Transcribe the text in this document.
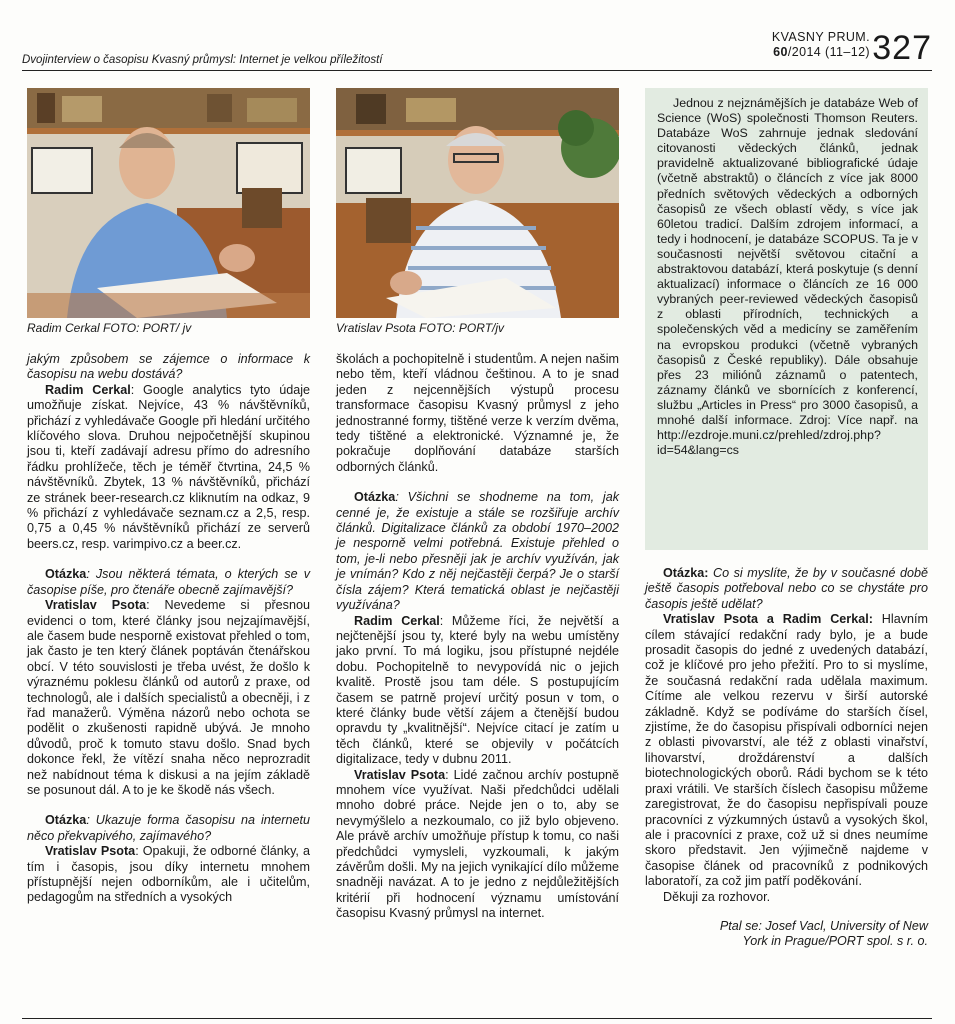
Dvojinterview o časopisu Kvasný průmysl: Internet je velkou příležitostí
KVASNY PRUM.
60/2014 (11–12) 327
Radim Cerkal FOTO: PORT/ jv	Vratislav Psota FOTO: PORT/jv

jakým způsobem se zájemce o informace k časopisu na webu dostává?

Radim Cerkal: Google analytics tyto údaje umožňuje získat. Nejvíce, 43 % návštěvníků, přichází z vyhledávače Google při hledání určitého klíčového slova. Druhou nejpočetnější skupinou jsou ti, kteří zadávají adresu přímo do adresního řádku prohlížeče, těch je téměř čtvrtina, 24,5 % návštěvníků. Zbytek, 13 % návštěvníků, přichází ze stránek beer-research.cz kliknutím na odkaz, 9 % přichází z vyhledávače seznam.cz a 2,5, resp. 0,75 a 0,45 % návštěvníků přichází ze serverů beers.cz, resp. varimpivo.cz a beer.cz.

Otázka: Jsou některá témata, o kterých se v časopise píše, pro čtenáře obecně zajímavější?

Vratislav Psota: Nevedeme si přesnou evidenci o tom, které články jsou nejzajímavější, ale časem bude nesporně existovat přehled o tom, jak často je ten který článek poptáván čtenářskou obcí. V této souvislosti je třeba uvést, že došlo k výraznému poklesu článků od autorů z praxe, od technologů, ale i dalších specialistů a obecněji, i z řad manažerů. Výměna názorů nebo ochota se podělit o zkušenosti rapidně ubývá. Je mnoho důvodů, proč k tomuto stavu došlo. Snad bych dokonce řekl, že vítězí snaha něco neprozradit než nabídnout téma k diskusi a na jejím základě se posunout dál. A to je ke škodě nás všech.

Otázka: Ukazuje forma časopisu na internetu něco překvapivého, zajímavého?

Vratislav Psota: Opakuji, že odborné články, a tím i časopis, jsou díky internetu mnohem přístupnější nejen odborníkům, ale i učitelům, pedagogům na středních a vysokých

školách a pochopitelně i studentům. A nejen našim nebo těm, kteří vládnou češtinou. A to je snad jeden z nejcennějších výstupů procesu transformace časopisu Kvasný průmysl z jeho jednostranné formy, tištěné verze k verzím dvěma, tedy tištěné a elektronické. Významné je, že pokračuje doplňování databáze starších odborných článků.

Otázka: Všichni se shodneme na tom, jak cenné je, že existuje a stále se rozšiřuje archív článků. Digitalizace článků za období 1970–2002 je nesporně velmi potřebná. Existuje přehled o tom, je-li nebo přesněji jak je archív využíván, jak je vnímán? Kdo z něj nejčastěji čerpá? Je o starší čísla zájem? Která tematická oblast je nejčastěji využívána?

Radim Cerkal: Můžeme říci, že největší a nejčtenější jsou ty, které byly na webu umístěny jako první. To má logiku, jsou přístupné nejdéle dobu. Pochopitelně to nevypovídá nic o jejich kvalitě. Prostě jsou tam déle. S postupujícím časem se patrně projeví určitý posun v tom, o které články bude větší zájem a čtenější budou opravdu ty „kvalitnější“. Nejvíce citací je zatím u těch článků, které se objevily v počátcích digitalizace, tedy v dubnu 2011.

Vratislav Psota: Lidé začnou archív postupně mnohem více využívat. Naši předchůdci udělali mnoho dobré práce. Nejde jen o to, aby se nevymýšlelo a nezkoumalo, co již bylo objeveno. Ale právě archív umožňuje přístup k tomu, co naši předchůdci vymysleli, vyzkoumali, k jakým závěrům došli. My na jejich vynikající dílo můžeme snadněji navázat. A to je jedno z nejdůležitějších kritérií při hodnocení významu umístování časopisu Kvasný průmysl na internet.

Jednou z nejznámějších je databáze Web of Science (WoS) společnosti Thomson Reuters. Databáze WoS zahrnuje jednak sledování citovanosti vědeckých článků, jednak pravidelně aktualizované bibliografické údaje (včetně abstraktů) o článcích z více jak 8000 předních světových vědeckých a odborných časopisů ze všech oblastí vědy, s více jak 60letou tradicí. Dalším zdrojem informací, a tedy i hodnocení, je databáze SCOPUS. Ta je v současnosti největší světovou citační a abstraktovou databází, která poskytuje (s denní aktualizací) informace o článcích ze 16 000 vybraných peer-reviewed vědeckých časopisů z oblasti přírodních, technických a společenských věd a medicíny se zaměřením na evropskou produkci (včetně vybraných časopisů z České republiky). Dále obsahuje přes 23 miliónů záznamů o patentech, záznamy článků ve sbornících z konferencí, službu „Articles in Press“ pro 3000 časopisů, a mnohé další informace. Zdroj: Více např. na http://ezdroje.muni.cz/prehled/zdroj.php?id=54&lang=cs

Otázka: Co si myslíte, že by v současné době ještě časopis potřeboval nebo co se chystáte pro časopis ještě udělat?

Vratislav Psota a Radim Cerkal: Hlavním cílem stávající redakční rady bylo, je a bude prosadit časopis do jedné z uvedených databází, což je klíčové pro jeho přežití. Pro to si myslíme, že současná redakční rada udělala maximum. Cítíme ale velkou rezervu v širší autorské základně. Když se podíváme do starších čísel, zjistíme, že do časopisu přispívali odborníci nejen z oblasti pivovarství, ale též z oblasti vinařství, lihovarství, droždárenství a dalších biotechnologických oborů. Rádi bychom se k této praxi vrátili. Ve starších číslech časopisu můžeme zaregistrovat, že do časopisu nepřispívali pouze pracovníci z výzkumných ústavů a vysokých škol, ale i pracovníci z praxe, což už si dnes neumíme skoro představit. Jen výjimečně najdeme v časopise článek od pracovníků z podnikových laboratoří, za což jim patří poděkování.

Děkuji za rozhovor.

Ptal se: Josef Vacl, University of New
York in Prague/PORT spol. s r. o.
